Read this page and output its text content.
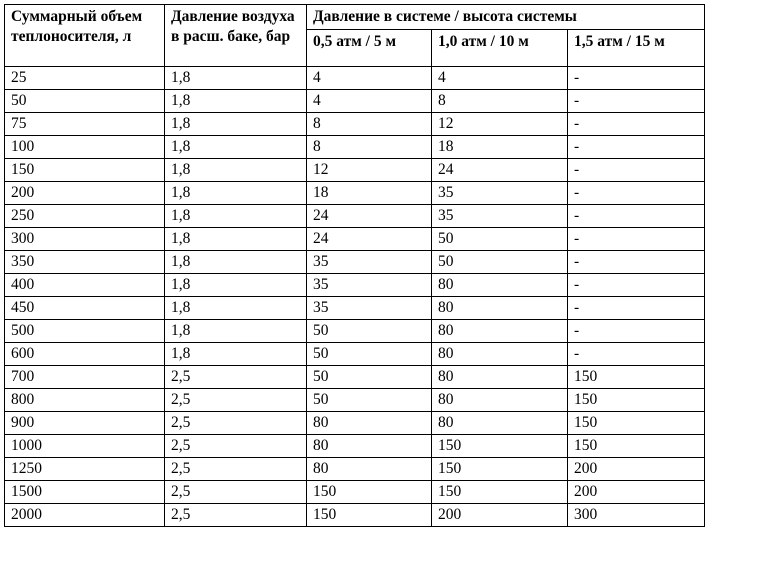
Суммарный объем теплоносителя, л	Давление воздуха в расш. баке, бар	Давление в системе / высота системы		
		0,5 атм / 5 м	1,0 атм / 10 м	1,5 атм / 15 м
25	1,8	4	4	-
50	1,8	4	8	-
75	1,8	8	12	-
100	1,8	8	18	-
150	1,8	12	24	-
200	1,8	18	35	-
250	1,8	24	35	-
300	1,8	24	50	-
350	1,8	35	50	-
400	1,8	35	80	-
450	1,8	35	80	-
500	1,8	50	80	-
600	1,8	50	80	-
700	2,5	50	80	150
800	2,5	50	80	150
900	2,5	80	80	150
1000	2,5	80	150	150
1250	2,5	80	150	200
1500	2,5	150	150	200
2000	2,5	150	200	300
